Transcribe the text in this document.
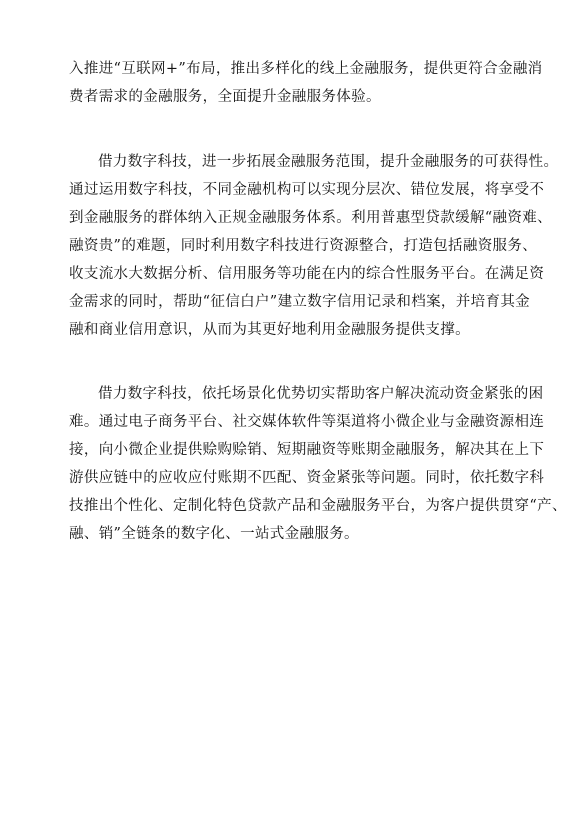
入推进“互联网+”布局，推出多样化的线上金融服务，提供更符合金融消
费者需求的金融服务，全面提升金融服务体验。
借力数字科技，进一步拓展金融服务范围，提升金融服务的可获得性。
通过运用数字科技，不同金融机构可以实现分层次、错位发展，将享受不
到金融服务的群体纳入正规金融服务体系。利用普惠型贷款缓解“融资难、
融资贵”的难题，同时利用数字科技进行资源整合，打造包括融资服务、
收支流水大数据分析、信用服务等功能在内的综合性服务平台。在满足资
金需求的同时，帮助“征信白户”建立数字信用记录和档案，并培育其金
融和商业信用意识，从而为其更好地利用金融服务提供支撑。
借力数字科技，依托场景化优势切实帮助客户解决流动资金紧张的困
难。通过电子商务平台、社交媒体软件等渠道将小微企业与金融资源相连
接，向小微企业提供赊购赊销、短期融资等账期金融服务，解决其在上下
游供应链中的应收应付账期不匹配、资金紧张等问题。同时，依托数字科
技推出个性化、定制化特色贷款产品和金融服务平台，为客户提供贯穿“产、
融、销”全链条的数字化、一站式金融服务。
